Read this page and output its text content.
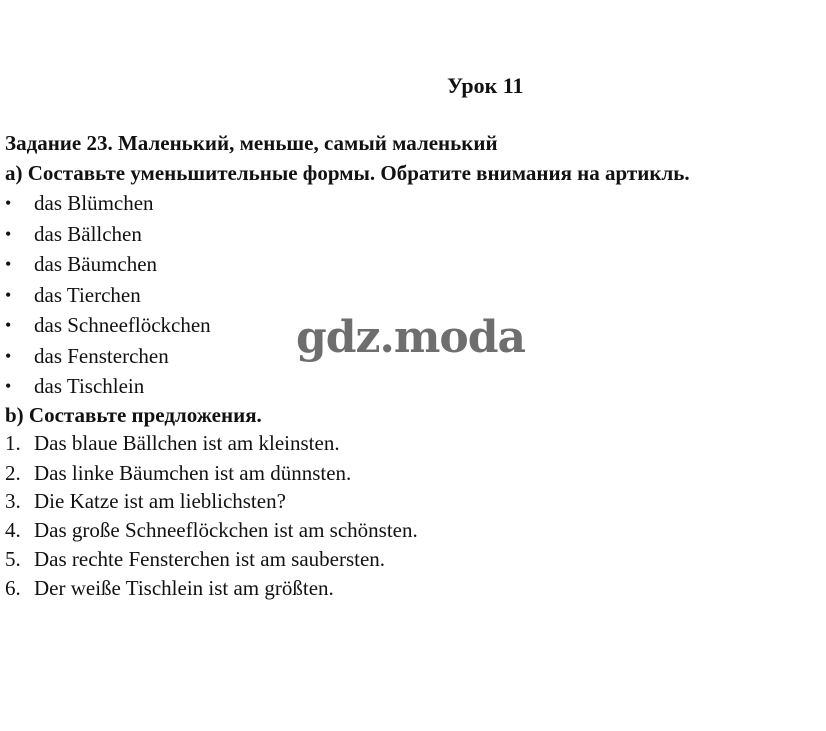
Урок 11
Задание 23. Маленький, меньше, самый маленький
a) Составьте уменьшительные формы. Обратите внимания на артикль.
• das Blümchen
• das Bällchen
• das Bäumchen
• das Tierchen
• das Schneeflöckchen
• das Fensterchen
• das Tischlein
b) Составьте предложения.
1. Das blaue Bällchen ist am kleinsten.
2. Das linke Bäumchen ist am dünnsten.
3. Die Katze ist am lieblichsten?
4. Das große Schneeflöckchen ist am schönsten.
5. Das rechte Fensterchen ist am saubersten.
6. Der weiße Tischlein ist am größten.
gdz.moda
